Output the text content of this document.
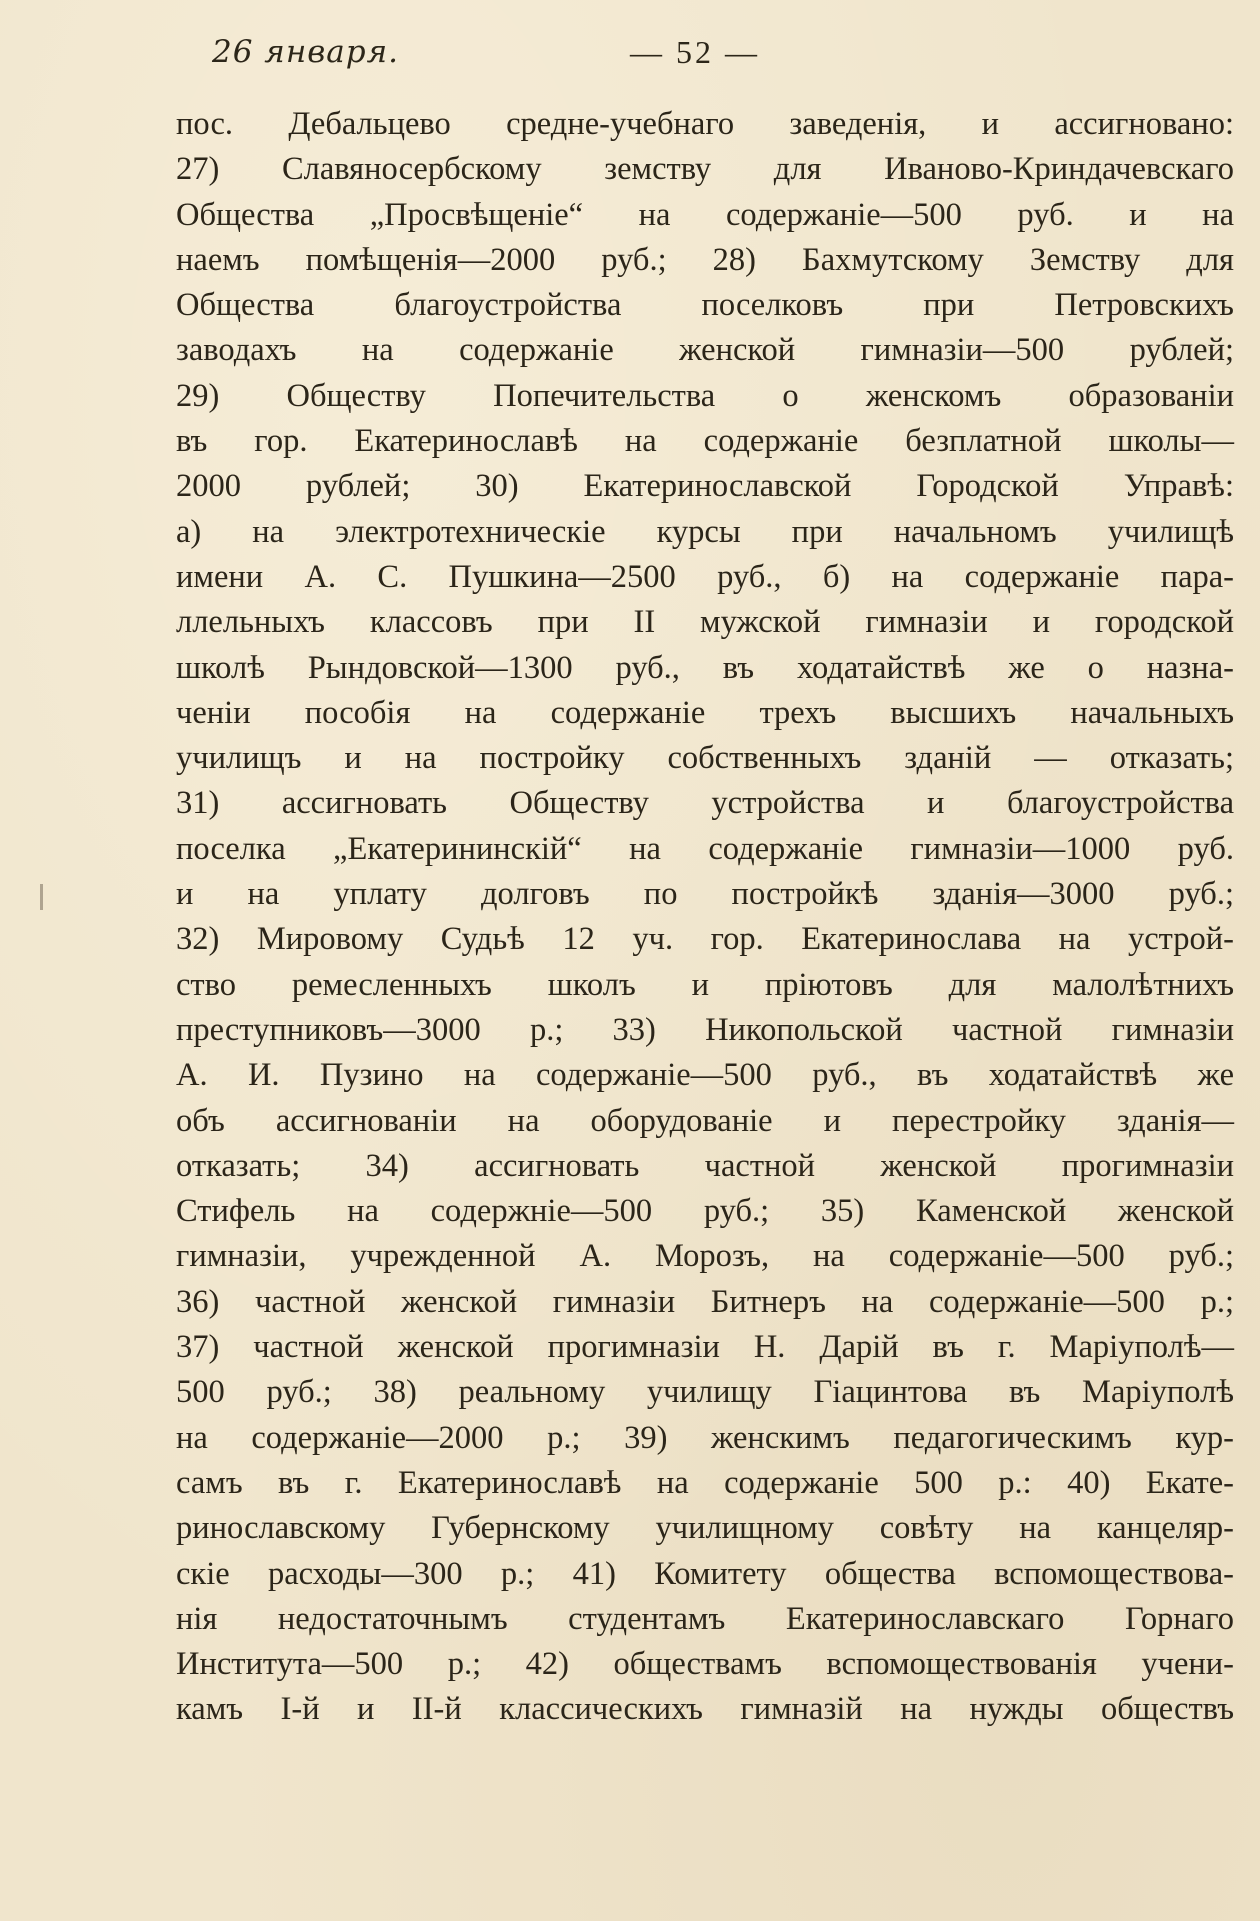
26 января.	— 52 —
пос. Дебальцево средне-учебнаго заведенія, и ассигновано:
27) Славяносербскому земству для Иваново-Криндачевскаго
Общества „Просвѣщеніе“ на содержаніе—500 руб. и на
наемъ помѣщенія—2000 руб.; 28) Бахмутскому Земству для
Общества благоустройства поселковъ при Петровскихъ
заводахъ на содержаніе женской гимназіи—500 рублей;
29) Обществу Попечительства о женскомъ образованіи
въ гор. Екатеринославѣ на содержаніе безплатной школы—
2000 рублей; 30) Екатеринославской Городской Управѣ:
а) на электротехническіе курсы при начальномъ училищѣ
имени А. С. Пушкина—2500 руб., б) на содержаніе пара-
ллельныхъ классовъ при II мужской гимназіи и городской
школѣ Рындовской—1300 руб., въ ходатайствѣ же о назна-
ченіи пособія на содержаніе трехъ высшихъ начальныхъ
училищъ и на постройку собственныхъ зданій — отказать;
31) ассигновать Обществу устройства и благоустройства
поселка „Екатерининскій“ на содержаніе гимназіи—1000 руб.
и на уплату долговъ по постройкѣ зданія—3000 руб.;
32) Мировому Судьѣ 12 уч. гор. Екатеринослава на устрой-
ство ремесленныхъ школъ и пріютовъ для малолѣтнихъ
преступниковъ—3000 р.; 33) Никопольской частной гимназіи
А. И. Пузино на содержаніе—500 руб., въ ходатайствѣ же
объ ассигнованіи на оборудованіе и перестройку зданія—
отказать; 34) ассигновать частной женской прогимназіи
Стифель на содержніе—500 руб.; 35) Каменской женской
гимназіи, учрежденной А. Морозъ, на содержаніе—500 руб.;
36) частной женской гимназіи Битнеръ на содержаніе—500 р.;
37) частной женской прогимназіи Н. Дарій въ г. Маріуполѣ—
500 руб.; 38) реальному училищу Гіацинтова въ Маріуполѣ
на содержаніе—2000 р.; 39) женскимъ педагогическимъ кур-
самъ въ г. Екатеринославѣ на содержаніе 500 р.: 40) Екате-
ринославскому Губернскому училищному совѣту на канцеляр-
скіе расходы—300 р.; 41) Комитету общества вспомоществова-
нія недостаточнымъ студентамъ Екатеринославскаго Горнаго
Института—500 р.; 42) обществамъ вспомоществованія учени-
камъ I-й и II-й классическихъ гимназій на нужды обществъ
